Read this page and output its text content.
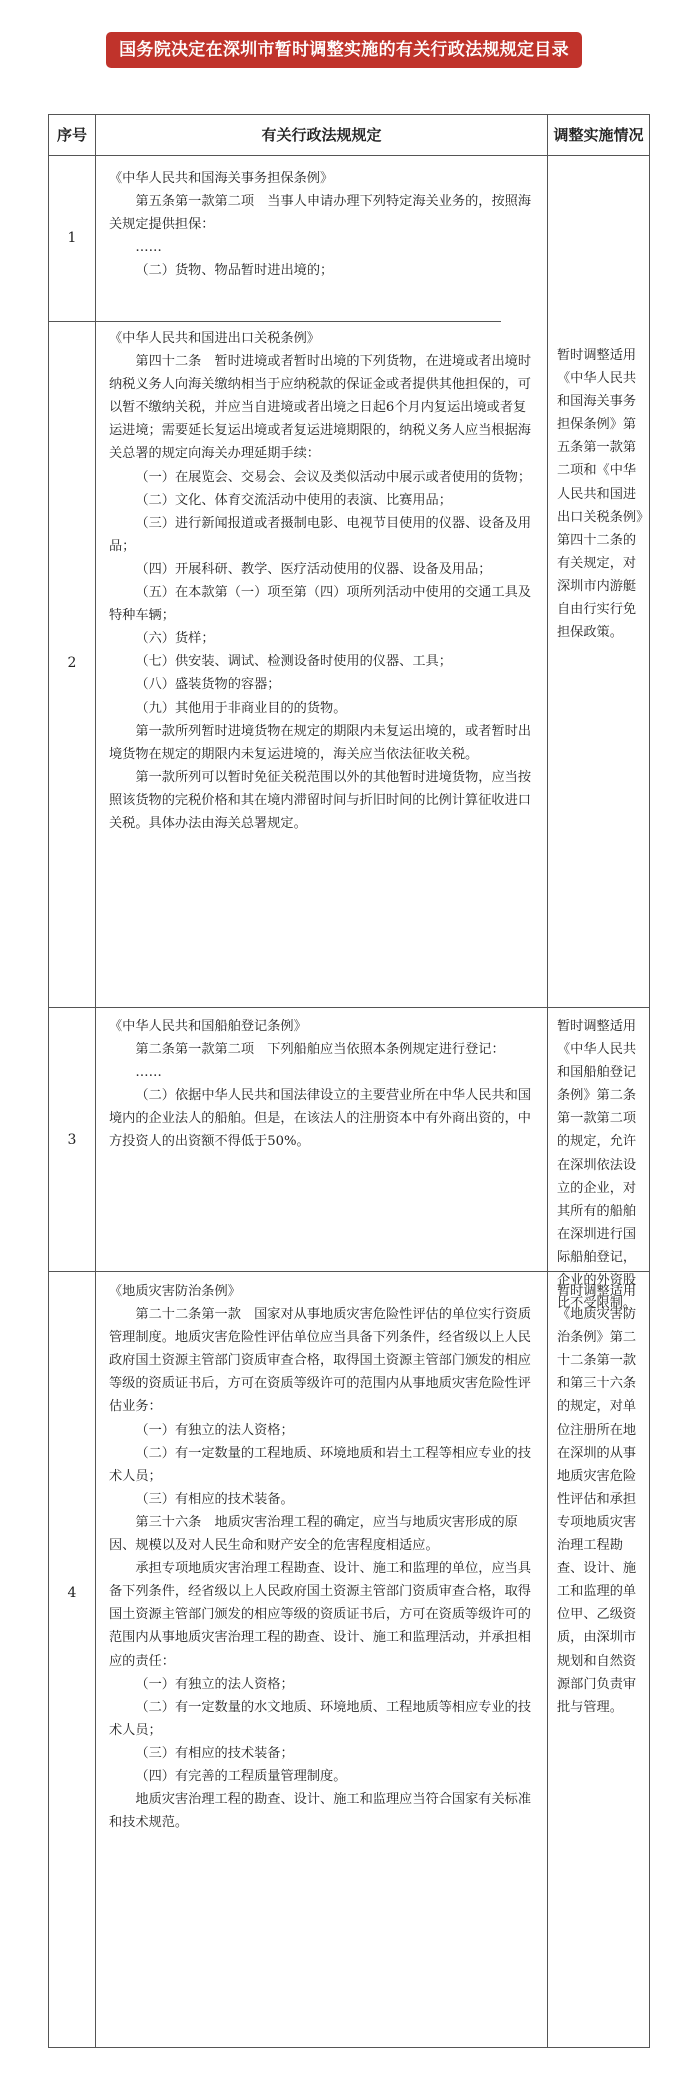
国务院决定在深圳市暂时调整实施的有关行政法规规定目录
序号	有关行政法规规定	调整实施情况
1
2
3
4

《中华人民共和国海关事务担保条例》

第五条第一款第二项　当事人申请办理下列特定海关业务的，按照海关规定提供担保：

……

（二）货物、物品暂时进出境的；

《中华人民共和国进出口关税条例》

第四十二条　暂时进境或者暂时出境的下列货物，在进境或者出境时纳税义务人向海关缴纳相当于应纳税款的保证金或者提供其他担保的，可以暂不缴纳关税，并应当自进境或者出境之日起6个月内复运出境或者复运进境；需要延长复运出境或者复运进境期限的，纳税义务人应当根据海关总署的规定向海关办理延期手续：

（一）在展览会、交易会、会议及类似活动中展示或者使用的货物；

（二）文化、体育交流活动中使用的表演、比赛用品；

（三）进行新闻报道或者摄制电影、电视节目使用的仪器、设备及用品；

（四）开展科研、教学、医疗活动使用的仪器、设备及用品；

（五）在本款第（一）项至第（四）项所列活动中使用的交通工具及特种车辆；

（六）货样；

（七）供安装、调试、检测设备时使用的仪器、工具；

（八）盛装货物的容器；

（九）其他用于非商业目的的货物。

第一款所列暂时进境货物在规定的期限内未复运出境的，或者暂时出境货物在规定的期限内未复运进境的，海关应当依法征收关税。

第一款所列可以暂时免征关税范围以外的其他暂时进境货物，应当按照该货物的完税价格和其在境内滞留时间与折旧时间的比例计算征收进口关税。具体办法由海关总署规定。

《中华人民共和国船舶登记条例》

第二条第一款第二项　下列船舶应当依照本条例规定进行登记：

……

（二）依据中华人民共和国法律设立的主要营业所在中华人民共和国境内的企业法人的船舶。但是，在该法人的注册资本中有外商出资的，中方投资人的出资额不得低于50%。

《地质灾害防治条例》

第二十二条第一款　国家对从事地质灾害危险性评估的单位实行资质管理制度。地质灾害危险性评估单位应当具备下列条件，经省级以上人民政府国土资源主管部门资质审查合格，取得国土资源主管部门颁发的相应等级的资质证书后，方可在资质等级许可的范围内从事地质灾害危险性评估业务：

（一）有独立的法人资格；

（二）有一定数量的工程地质、环境地质和岩土工程等相应专业的技术人员；

（三）有相应的技术装备。

第三十六条　地质灾害治理工程的确定，应当与地质灾害形成的原因、规模以及对人民生命和财产安全的危害程度相适应。

承担专项地质灾害治理工程勘查、设计、施工和监理的单位，应当具备下列条件，经省级以上人民政府国土资源主管部门资质审查合格，取得国土资源主管部门颁发的相应等级的资质证书后，方可在资质等级许可的范围内从事地质灾害治理工程的勘查、设计、施工和监理活动，并承担相应的责任：

（一）有独立的法人资格；

（二）有一定数量的水文地质、环境地质、工程地质等相应专业的技术人员；

（三）有相应的技术装备；

（四）有完善的工程质量管理制度。

地质灾害治理工程的勘查、设计、施工和监理应当符合国家有关标准和技术规范。

暂时调整适用《中华人民共和国海关事务担保条例》第五条第一款第二项和《中华人民共和国进出口关税条例》第四十二条的有关规定，对深圳市内游艇自由行实行免担保政策。

暂时调整适用《中华人民共和国船舶登记条例》第二条第一款第二项的规定，允许在深圳依法设立的企业，对其所有的船舶在深圳进行国际船舶登记，企业的外资股比不受限制。

暂时调整适用《地质灾害防治条例》第二十二条第一款和第三十六条的规定，对单位注册所在地在深圳的从事地质灾害危险性评估和承担专项地质灾害治理工程勘查、设计、施工和监理的单位甲、乙级资质，由深圳市规划和自然资源部门负责审批与管理。
